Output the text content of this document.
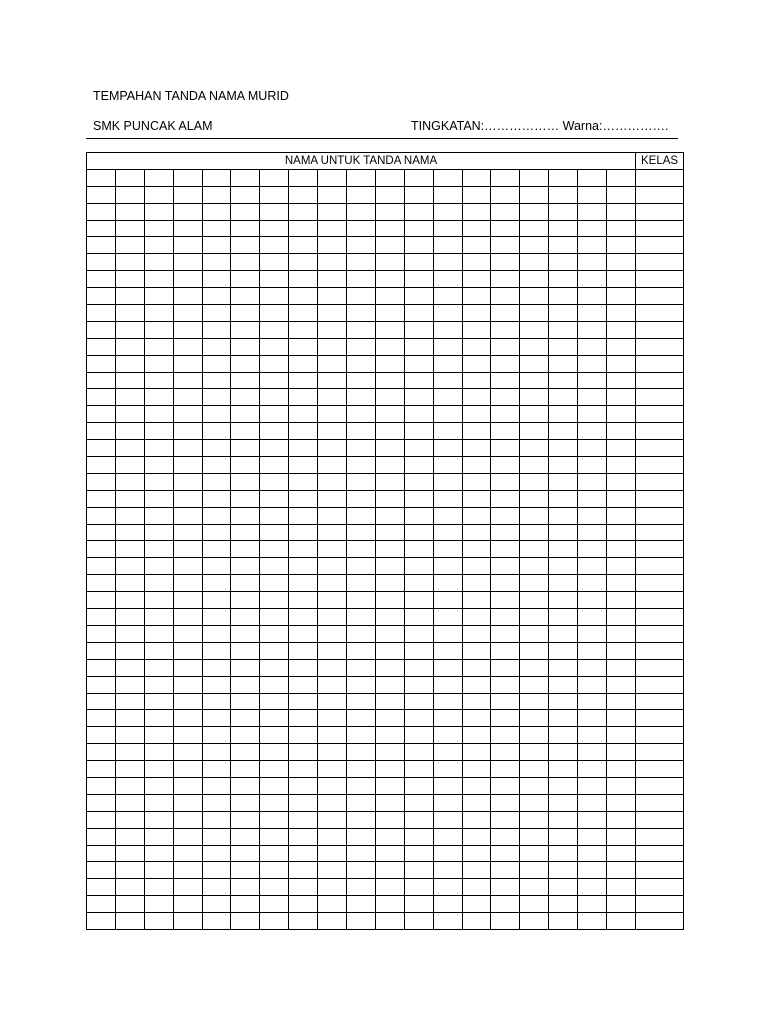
TEMPAHAN TANDA NAMA MURID
SMK PUNCAK ALAM	TINGKATAN:……………… Warna:…………….
NAMA UNTUK TANDA NAMA																			KELAS
